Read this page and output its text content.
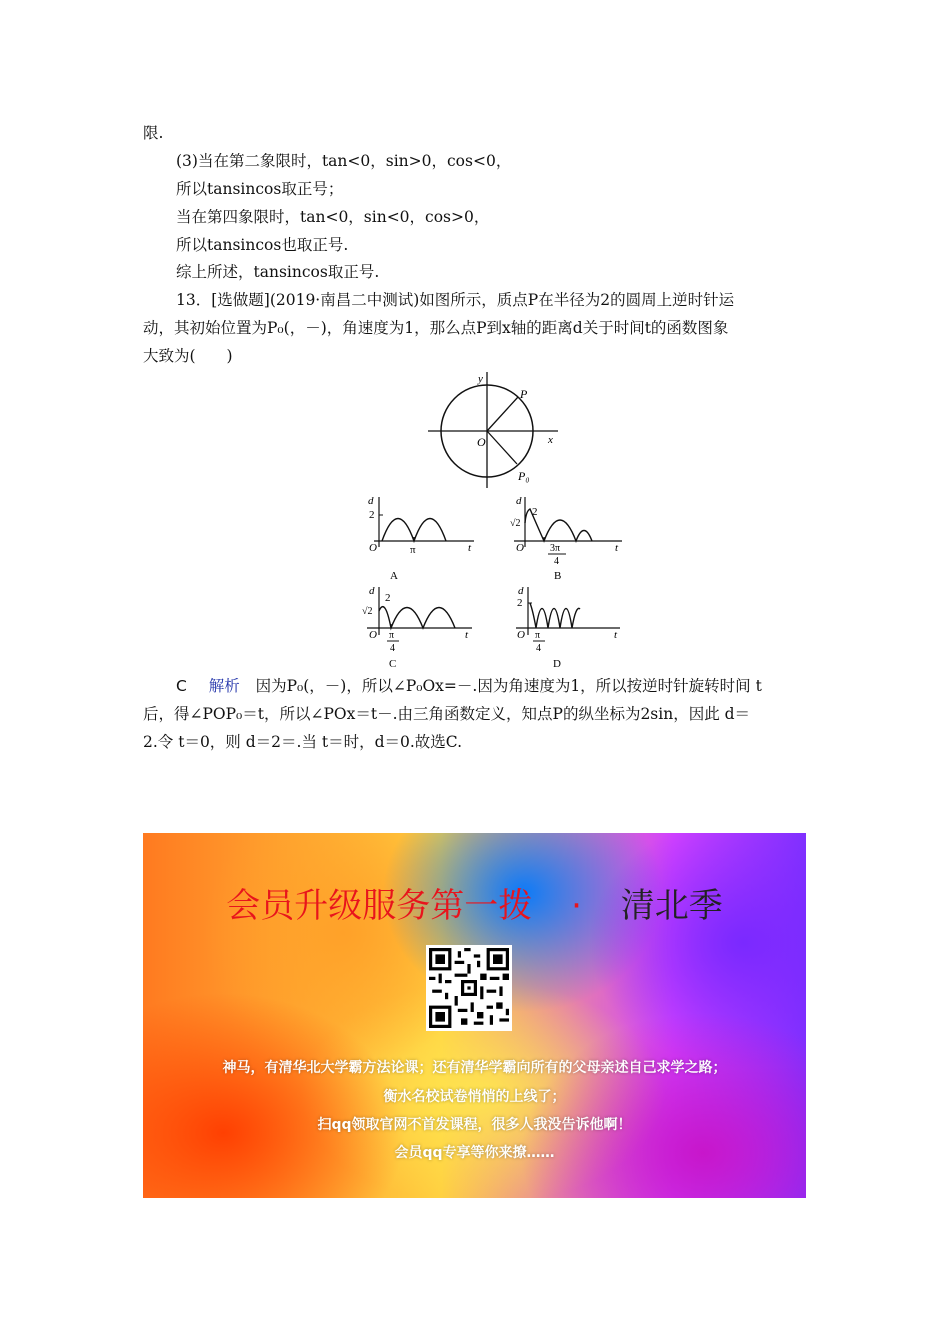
限.
(3)当在第二象限时，tan<0，sin>0，cos<0，
所以tansincos取正号；
当在第四象限时，tan<0，sin<0，cos>0，
所以tansincos也取正号.
综上所述，tansincos取正号.
13．[选做题](2019·南昌二中测试)如图所示，质点P在半径为2的圆周上逆时针运
动，其初始位置为P₀(，－)，角速度为1，那么点P到x轴的距离d关于时间t的函数图象
大致为(　　)
y
x
O
P
P₀
d
2
O	π	t
A
d
2
√2
O	3π
4
t
B
d
2
√2
O π
4
t
C
d
2
O π
4
t
D
C 解析 因为P₀(，－)，所以∠P₀Ox=－.因为角速度为1，所以按逆时针旋转时间 t
后，得∠POP₀＝t，所以∠POx＝t－.由三角函数定义，知点P的纵坐标为2sin，因此 d＝
2.令 t＝0，则 d＝2＝.当 t＝时，d＝0.故选C.
会员升级服务第一拨 · 清北季
神马，有清华北大学霸方法论课；还有清华学霸向所有的父母亲述自己求学之路；
衡水名校试卷悄悄的上线了；
扫qq领取官网不首发课程，很多人我没告诉他啊！
会员qq专享等你来撩……
